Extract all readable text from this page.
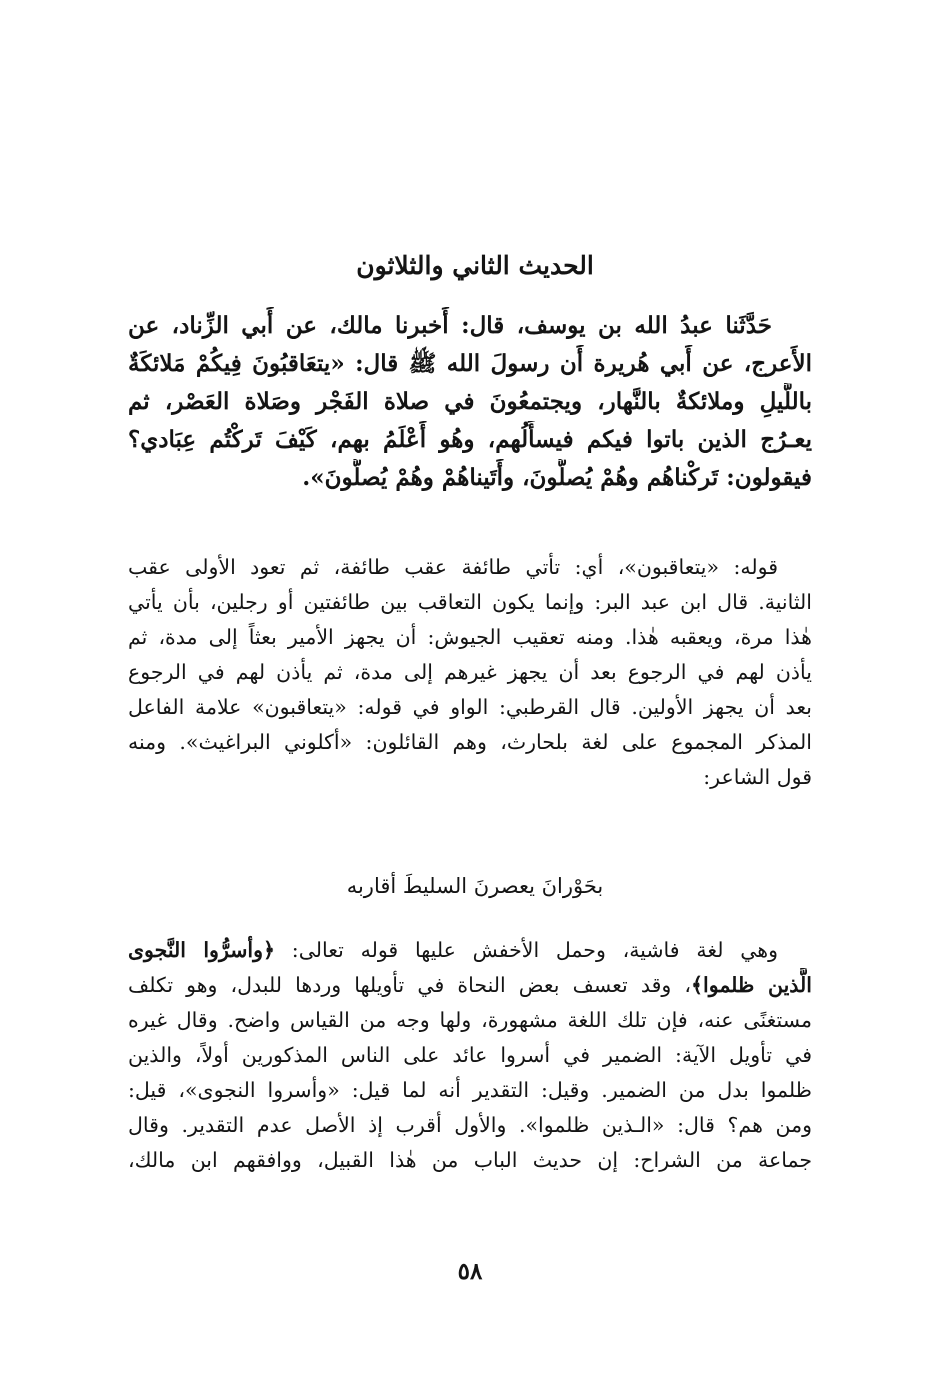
الحديث الثاني والثلاثون
حَدَّثَنا عبدُ الله بن يوسف، قال: أَخبرنا مالك، عن أَبي الزِّناد، عن
الأَعرج، عن أَبي هُريرة أَن رسولَ الله ﷺ قال: «يتعَاقبُونَ فِيكُمْ مَلائكَةٌ
باللَّيلِ وملائكةٌ بالنَّهار، ويجتمعُونَ في صلاة الفَجْر وصَلاة العَصْر، ثم
يعـرُج الذين باتوا فيكم فيسأَلُهم، وهُو أَعْلَمُ بهم، كَيْفَ تَركْتُم عِبَادي؟
فيقولون: تَركْناهُم وهُمْ يُصلُّونَ، وأَتَيناهُمْ وهُمْ يُصلُّونَ».
قوله: «يتعاقبون»، أي: تأتي طائفة عقب طائفة، ثم تعود الأولى عقب
الثانية. قال ابن عبد البر: وإنما يكون التعاقب بين طائفتين أو رجلين، بأن يأتي
هٰذا مرة، ويعقبه هٰذا. ومنه تعقيب الجيوش: أن يجهز الأمير بعثاً إلى مدة، ثم
يأذن لهم في الرجوع بعد أن يجهز غيرهم إلى مدة، ثم يأذن لهم في الرجوع
بعد أن يجهز الأولين. قال القرطبي: الواو في قوله: «يتعاقبون» علامة الفاعل
المذكر المجموع على لغة بلحارث، وهم القائلون: «أكلوني البراغيث». ومنه
قول الشاعر:
بحَوْرانَ يعصرنَ السليطَ أقاربه
وهي لغة فاشية، وحمل الأخفش عليها قوله تعالى: ﴿وأسرُّوا النَّجوى
الَّذين ظلموا﴾، وقد تعسف بعض النحاة في تأويلها وردها للبدل، وهو تكلف
مستغنًى عنه، فإن تلك اللغة مشهورة، ولها وجه من القياس واضح. وقال غيره
في تأويل الآية: الضمير في أسروا عائد على الناس المذكورين أولاً، والذين
ظلموا بدل من الضمير. وقيل: التقدير أنه لما قيل: «وأسروا النجوى»، قيل:
ومن هم؟ قال: «الـذين ظلموا». والأول أقرب إذ الأصل عدم التقدير. وقال
جماعة من الشراح: إن حديث الباب من هٰذا القبيل، ووافقهم ابن مالك،
٥٨
